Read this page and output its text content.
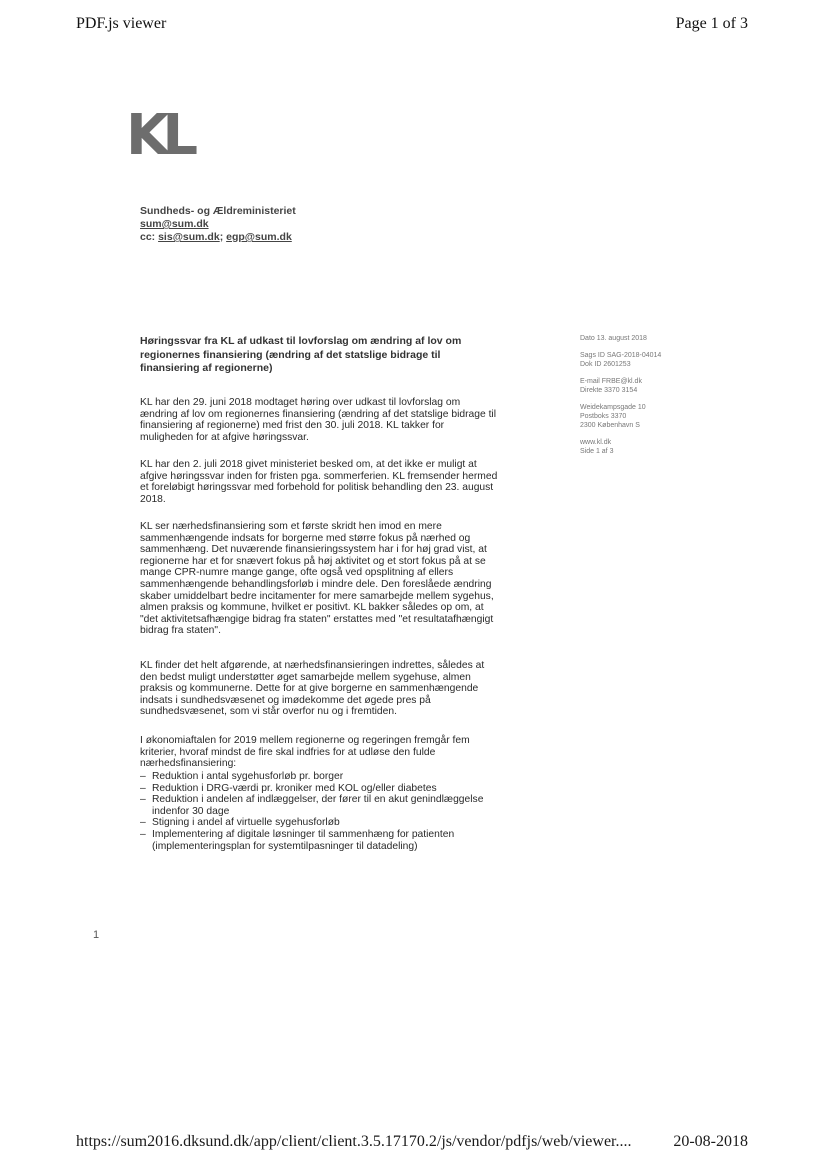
PDF.js viewer	Page 1 of 3
KL
Sundheds- og Ældreministeriet
sum@sum.dk
cc: sis@sum.dk; egp@sum.dk
Høringssvar fra KL af udkast til lovforslag om ændring af lov om regionernes finansiering (ændring af det statslige bidrage til finansiering af regionerne)
Dato 13. august 2018
Sags ID SAG-2018-04014
Dok ID 2601253
E-mail FRBE@kl.dk
Direkte 3370 3154
Weidekampsgade 10
Postboks 3370
2300 København S
www.kl.dk
Side 1 af 3
KL har den 29. juni 2018 modtaget høring over udkast til lovforslag om ændring af lov om regionernes finansiering (ændring af det statslige bidrage til finansiering af regionerne) med frist den 30. juli 2018. KL takker for muligheden for at afgive høringssvar.
KL har den 2. juli 2018 givet ministeriet besked om, at det ikke er muligt at afgive høringssvar inden for fristen pga. sommerferien. KL fremsender hermed et foreløbigt høringssvar med forbehold for politisk behandling den 23. august 2018.
KL ser nærhedsfinansiering som et første skridt hen imod en mere sammenhængende indsats for borgerne med større fokus på nærhed og sammenhæng. Det nuværende finansieringssystem har i for høj grad vist, at regionerne har et for snævert fokus på høj aktivitet og et stort fokus på at se mange CPR-numre mange gange, ofte også ved opsplitning af ellers sammenhængende behandlingsforløb i mindre dele. Den foreslåede ændring skaber umiddelbart bedre incitamenter for mere samarbejde mellem sygehus, almen praksis og kommune, hvilket er positivt. KL bakker således op om, at "det aktivitetsafhængige bidrag fra staten" erstattes med "et resultatafhængigt bidrag fra staten".
KL finder det helt afgørende, at nærhedsfinansieringen indrettes, således at den bedst muligt understøtter øget samarbejde mellem sygehuse, almen praksis og kommunerne. Dette for at give borgerne en sammenhængende indsats i sundhedsvæsenet og imødekomme det øgede pres på sundhedsvæsenet, som vi står overfor nu og i fremtiden.
I økonomiaftalen for 2019 mellem regionerne og regeringen fremgår fem kriterier, hvoraf mindst de fire skal indfries for at udløse den fulde nærhedsfinansiering:
– Reduktion i antal sygehusforløb pr. borger
– Reduktion i DRG-værdi pr. kroniker med KOL og/eller diabetes
– Reduktion i andelen af indlæggelser, der fører til en akut genindlæggelse indenfor 30 dage
– Stigning i andel af virtuelle sygehusforløb
– Implementering af digitale løsninger til sammenhæng for patienten (implementeringsplan for systemtilpasninger til datadeling)
1
https://sum2016.dksund.dk/app/client/client.3.5.17170.2/js/vendor/pdfjs/web/viewer....	20-08-2018
